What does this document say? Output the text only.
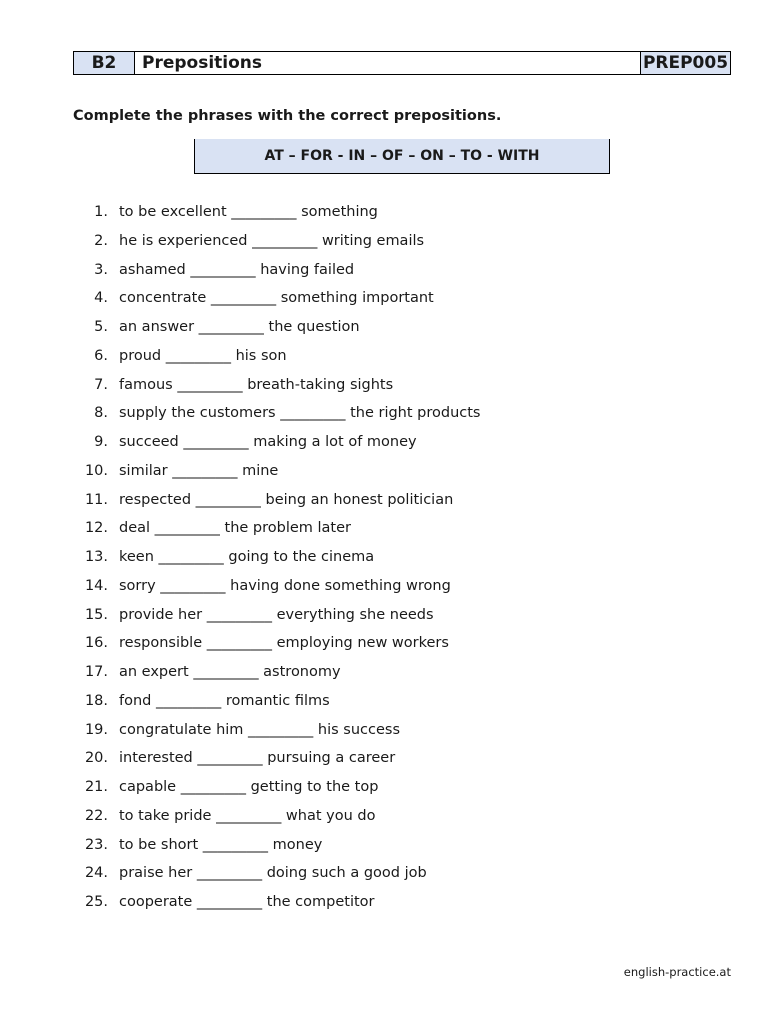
B2	Prepositions	PREP005
Complete the phrases with the correct prepositions.
AT – FOR - IN – OF – ON – TO - WITH
1. to be excellent _________ something
2. he is experienced _________ writing emails
3. ashamed _________ having failed
4. concentrate _________ something important
5. an answer _________ the question
6. proud _________ his son
7. famous _________ breath-taking sights
8. supply the customers _________ the right products
9. succeed _________ making a lot of money
10. similar _________ mine
11. respected _________ being an honest politician
12. deal _________ the problem later
13. keen _________ going to the cinema
14. sorry _________ having done something wrong
15. provide her _________ everything she needs
16. responsible _________ employing new workers
17. an expert _________ astronomy
18. fond _________ romantic films
19. congratulate him _________ his success
20. interested _________ pursuing a career
21. capable _________ getting to the top
22. to take pride _________ what you do
23. to be short _________ money
24. praise her _________ doing such a good job
25. cooperate _________ the competitor
english-practice.at
